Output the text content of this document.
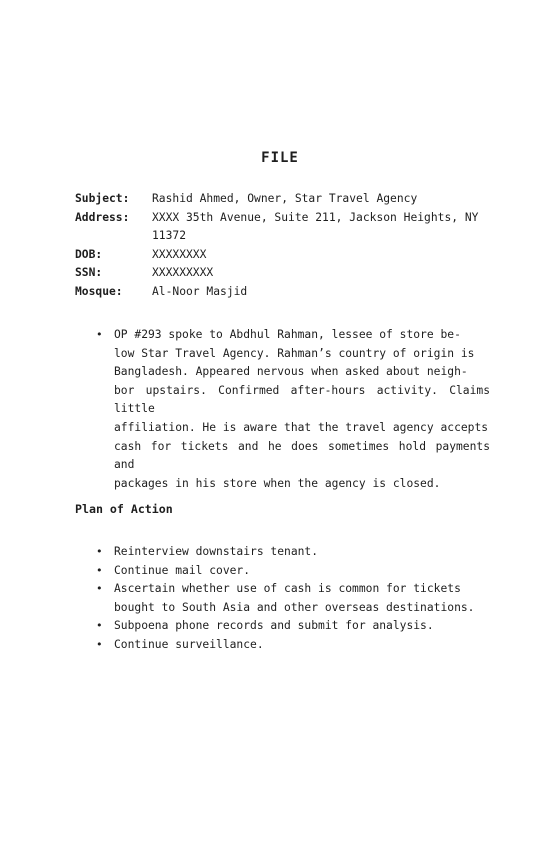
FILE
Subject:	Rashid Ahmed, Owner, Star Travel Agency
Address:	XXXX 35th Avenue, Suite 211, Jackson Heights, NY
11372
DOB:	XXXXXXXX
SSN:	XXXXXXXXX
Mosque:	Al-Noor Masjid
• OP #293 spoke to Abdhul Rahman, lessee of store be-
low Star Travel Agency. Rahman’s country of origin is
Bangladesh. Appeared nervous when asked about neigh-
bor upstairs. Confirmed after-hours activity. Claims little
affiliation. He is aware that the travel agency accepts
cash for tickets and he does sometimes hold payments and
packages in his store when the agency is closed.
Plan of Action
• Reinterview downstairs tenant.
• Continue mail cover.
• Ascertain whether use of cash is common for tickets bought to South Asia and other overseas destinations.
• Subpoena phone records and submit for analysis.
• Continue surveillance.
